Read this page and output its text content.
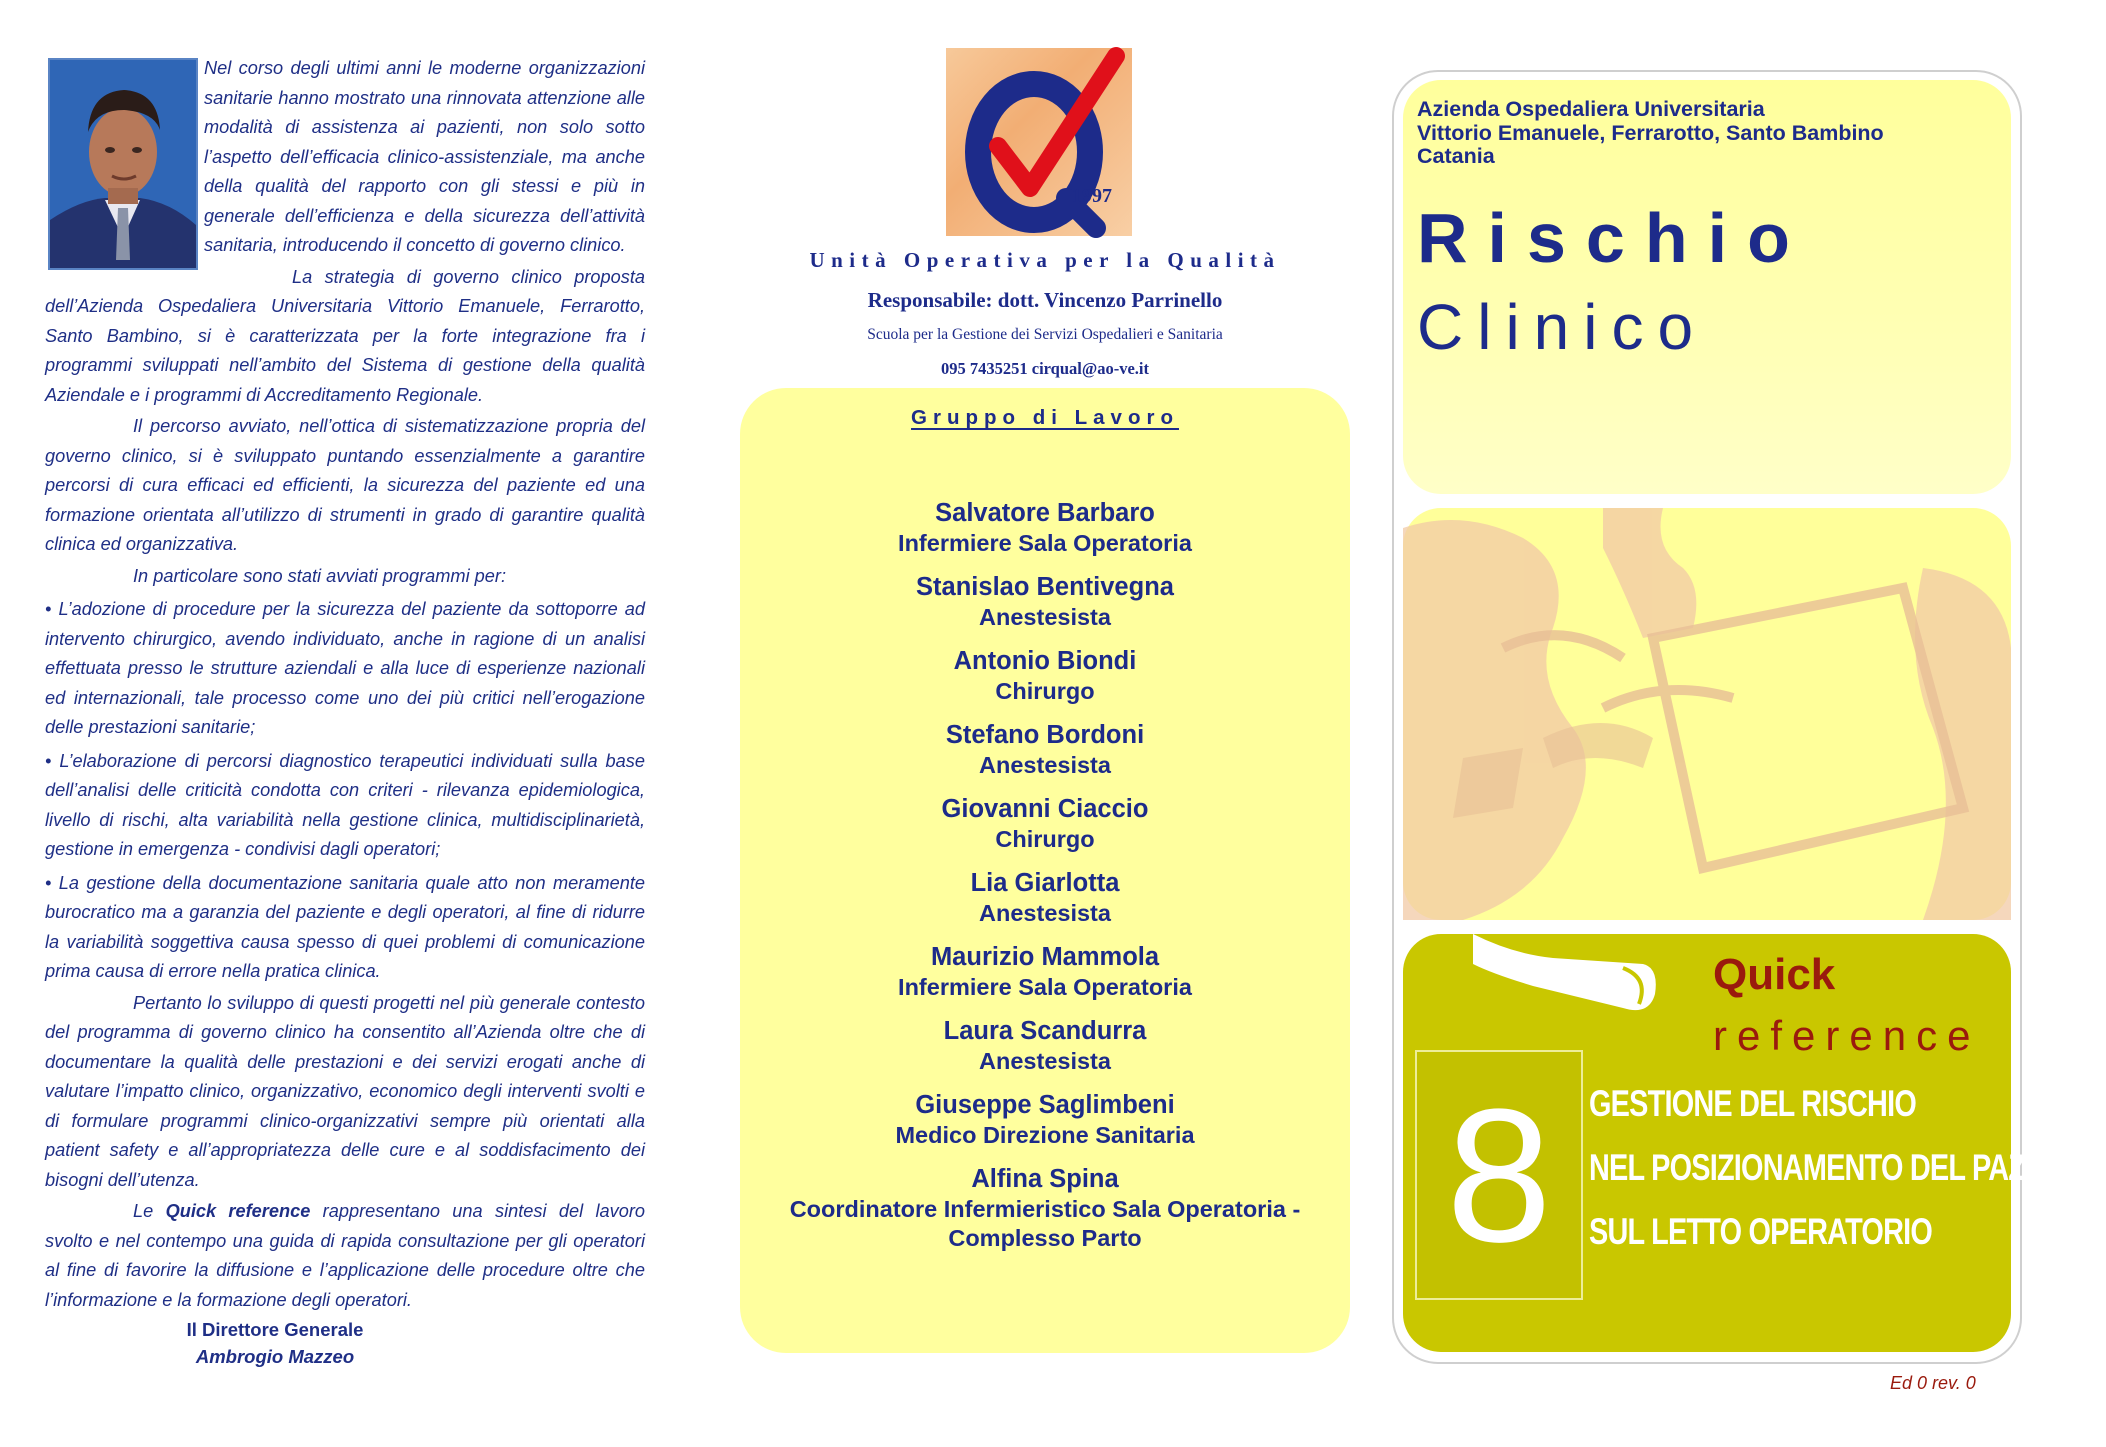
Nel corso degli ultimi anni le moderne organizzazioni sanitarie hanno mostrato una rinnovata attenzione alle modalità di assistenza ai pazienti, non solo sotto l’aspetto dell’efficacia clinico-assistenziale, ma anche della qualità del rapporto con gli stessi e più in generale dell’efficienza e della sicurezza dell’attività sanitaria, introducendo il concetto di governo clinico.

La strategia di governo clinico proposta dell’Azienda Ospedaliera Universitaria Vittorio Emanuele, Ferrarotto, Santo Bambino, si è caratterizzata per la forte integrazione fra i programmi sviluppati nell’ambito del Sistema di gestione della qualità Aziendale e i programmi di Accreditamento Regionale.

Il percorso avviato, nell’ottica di sistematizzazione propria del governo clinico, si è sviluppato puntando essenzialmente a garantire percorsi di cura efficaci ed efficienti, la sicurezza del paziente ed una formazione orientata all’utilizzo di strumenti in grado di garantire qualità clinica ed organizzativa.

In particolare sono stati avviati programmi per:

• L’adozione di procedure per la sicurezza del paziente da sottoporre ad intervento chirurgico, avendo individuato, anche in ragione di un analisi effettuata presso le strutture aziendali e alla luce di esperienze nazionali ed internazionali, tale processo come uno dei più critici nell’erogazione delle prestazioni sanitarie;

• L’elaborazione di percorsi diagnostico terapeutici individuati sulla base dell’analisi delle criticità condotta con criteri - rilevanza epidemiologica, livello di rischi, alta variabilità nella gestione clinica, multidisciplinarietà, gestione in emergenza - condivisi dagli operatori;

• La gestione della documentazione sanitaria quale atto non meramente burocratico ma a garanzia del paziente e degli operatori, al fine di ridurre la variabilità soggettiva causa spesso di quei problemi di comunicazione prima causa di errore nella pratica clinica.

Pertanto lo sviluppo di questi progetti nel più generale contesto del programma di governo clinico ha consentito all’Azienda oltre che di documentare la qualità delle prestazioni e dei servizi erogati anche di valutare l’impatto clinico, organizzativo, economico degli interventi svolti e di formulare programmi clinico-organizzativi sempre più orientati alla patient safety e all’appropriatezza delle cure e al soddisfacimento dei bisogni dell’utenza.

Le Quick reference rappresentano una sintesi del lavoro svolto e nel contempo una guida di rapida consultazione per gli operatori al fine di favorire la diffusione e l’applicazione delle procedure oltre che l’informazione e la formazione degli operatori.

Il Direttore Generale
Ambrogio Mazzeo
1997
Unità Operativa per la Qualità
Responsabile: dott. Vincenzo Parrinello
Scuola per la Gestione dei Servizi Ospedalieri e Sanitaria
095 7435251 cirqual@ao-ve.it
Gruppo di Lavoro
Salvatore Barbaro
Infermiere Sala Operatoria
Stanislao Bentivegna
Anestesista
Antonio Biondi
Chirurgo
Stefano Bordoni
Anestesista
Giovanni Ciaccio
Chirurgo
Lia Giarlotta
Anestesista
Maurizio Mammola
Infermiere Sala Operatoria
Laura Scandurra
Anestesista
Giuseppe Saglimbeni
Medico Direzione Sanitaria
Alfina Spina
Coordinatore Infermieristico Sala Operatoria -
Complesso Parto
Azienda Ospedaliera Universitaria
Vittorio Emanuele, Ferrarotto, Santo Bambino
Catania
Rischio
Clinico
Quick
reference
8	GESTIONE DEL RISCHIO
NEL POSIZIONAMENTO DEL PAZIENTE
SUL LETTO OPERATORIO
Ed 0 rev. 0
